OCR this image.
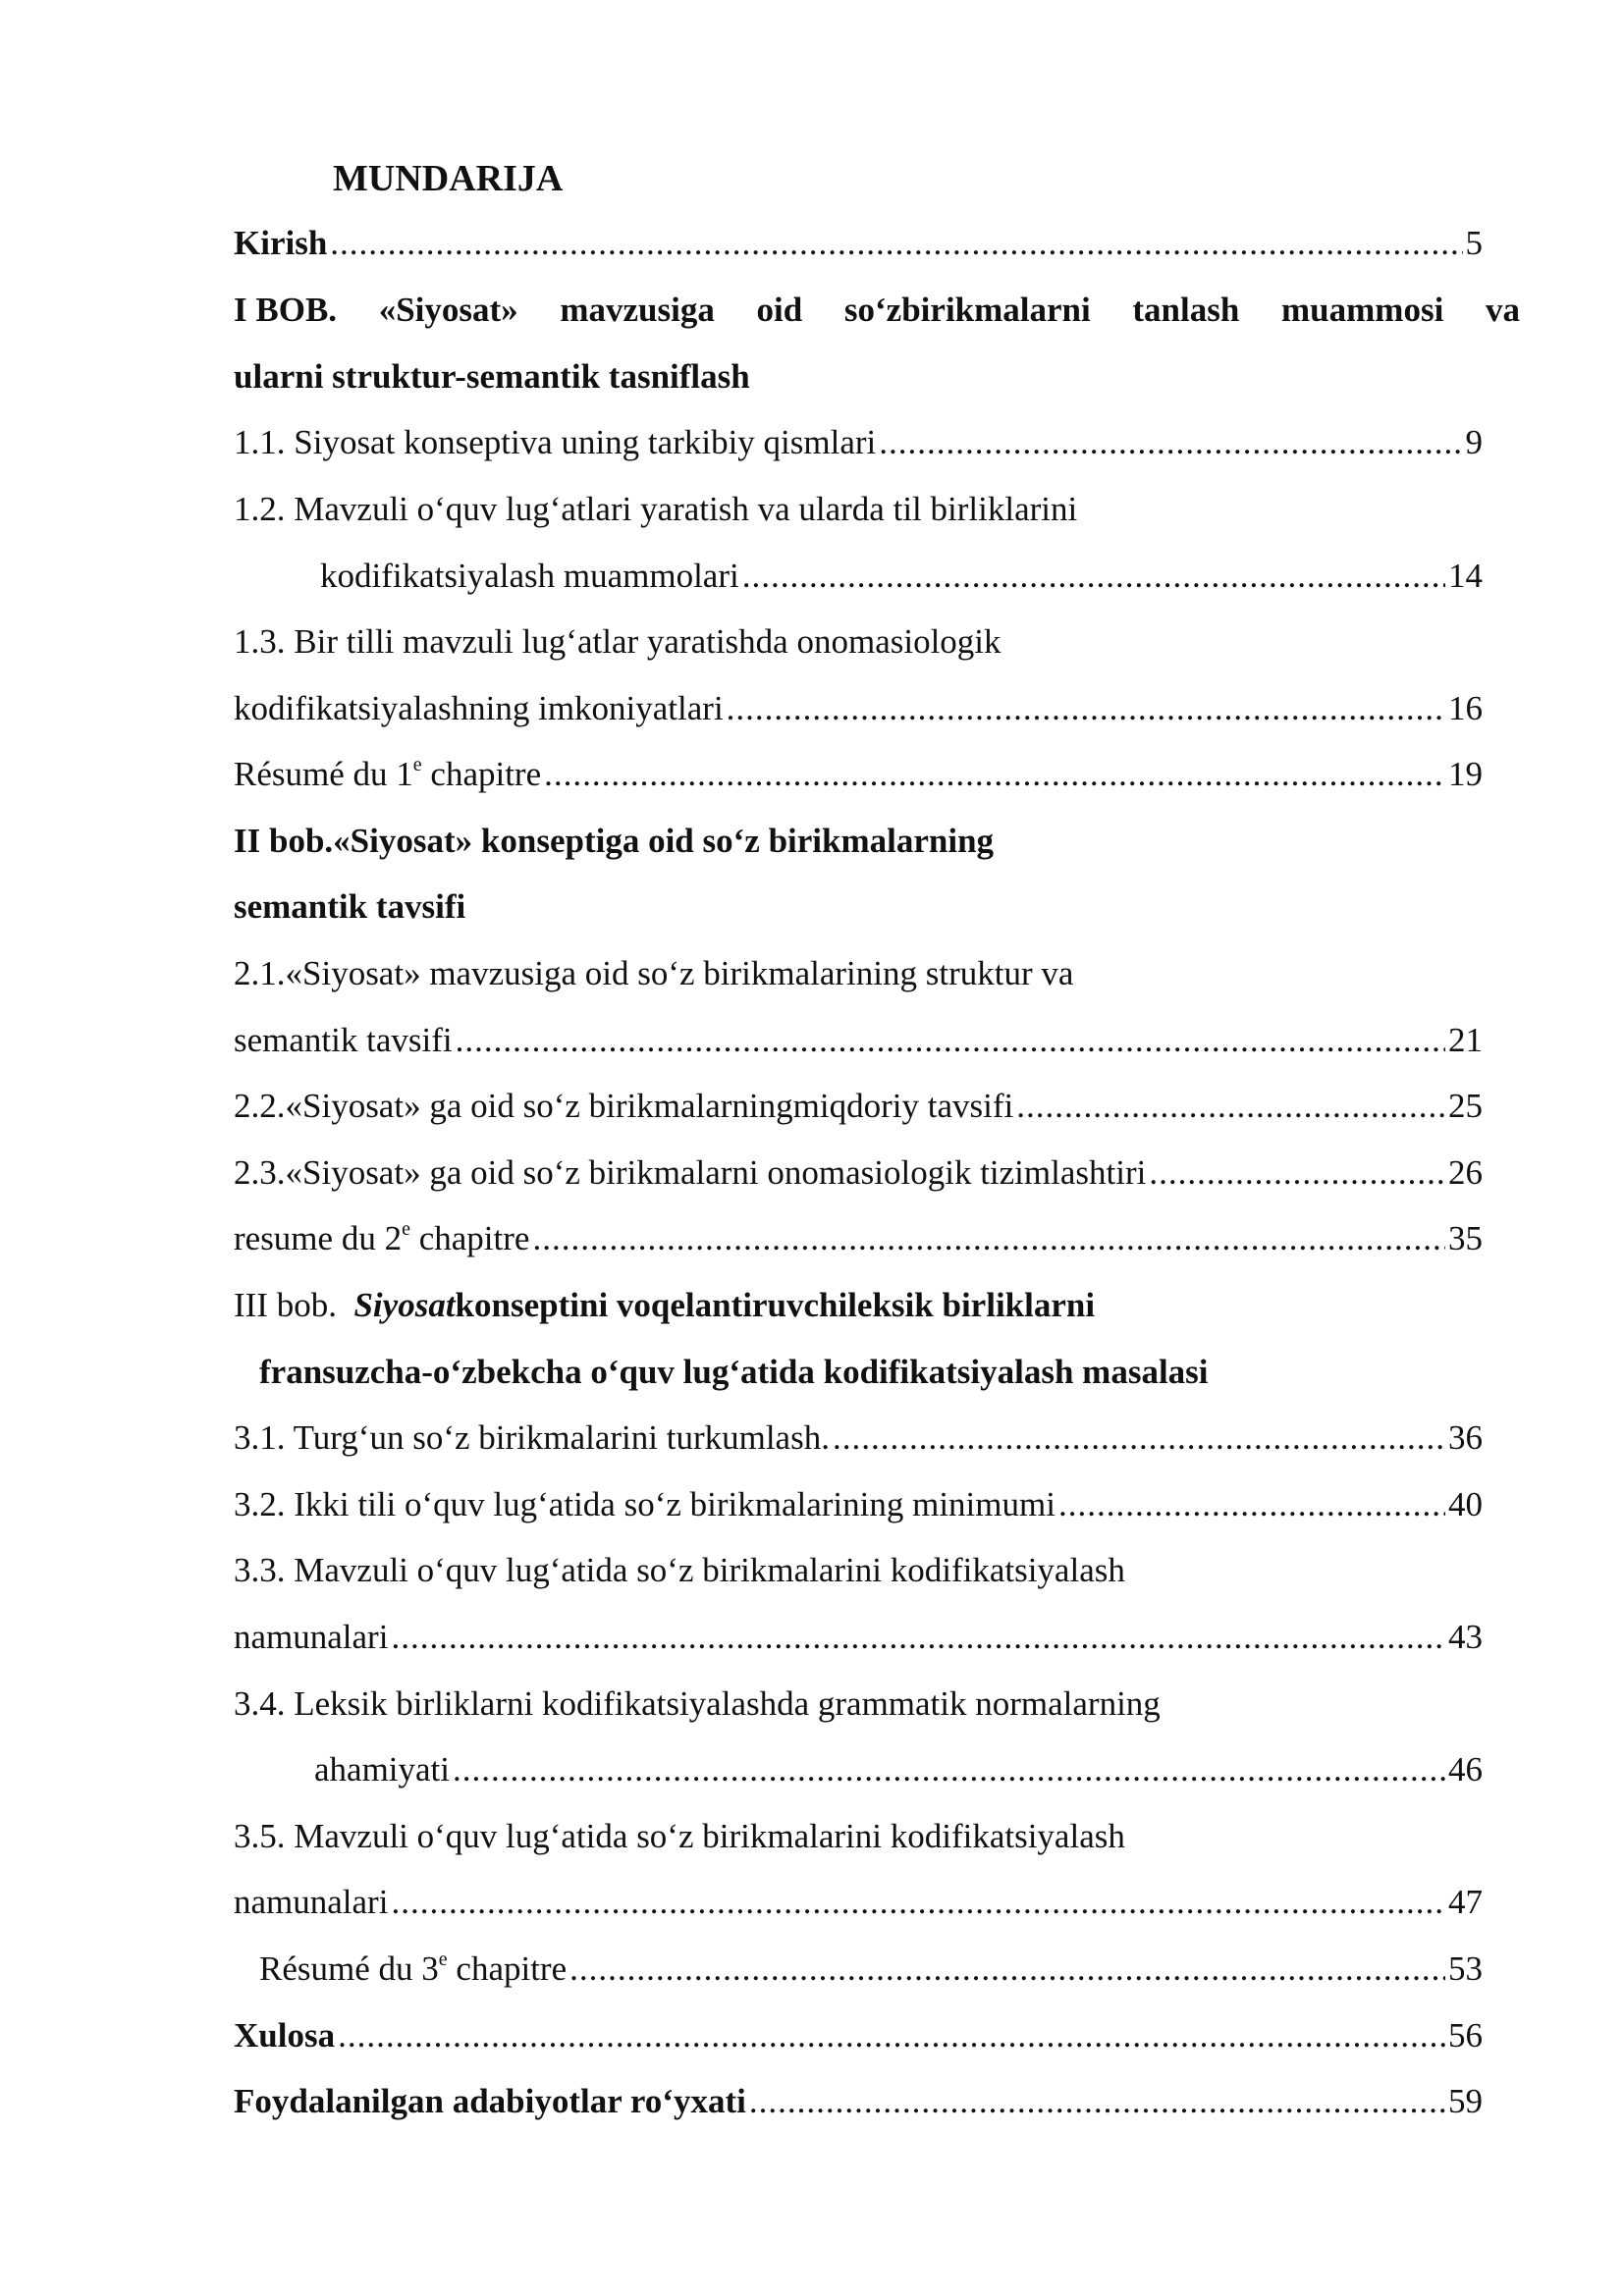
MUNDARIJA
Kirish .....	5
I BOB. «Siyosat» mavzusiga oid so‘zbirikmalarni tanlash muammosi va
ularni struktur-semantik tasniflash
1.1. Siyosat konseptiva uning tarkibiy qismlari .....	9
1.2. Mavzuli o‘quv lug‘atlari yaratish va ularda til birliklarini
kodifikatsiyalash muammolari .....	14
1.3. Bir tilli mavzuli lug‘atlar yaratishda onomasiologik
kodifikatsiyalashning imkoniyatlari .....	16
Résumé du 1e chapitre .....	19
II bob.«Siyosat» konseptiga oid so‘z birikmalarning
semantik tavsifi
2.1.«Siyosat» mavzusiga oid so‘z birikmalarining struktur va
semantik tavsifi .....	21
2.2.«Siyosat» ga oid so‘z birikmalarningmiqdoriy tavsifi .....	25
2.3.«Siyosat» ga oid so‘z birikmalarni onomasiologik tizimlashtiri .....	26
resume du 2e chapitre .....	35
III bob.  Siyosatkonseptini voqelantiruvchileksik birliklarni
fransuzcha-o‘zbekcha o‘quv lug‘atida kodifikatsiyalash masalasi
3.1. Turg‘un so‘z birikmalarini turkumlash. .....	36
3.2. Ikki tili o‘quv lug‘atida so‘z birikmalarining minimumi .....	40
3.3. Mavzuli o‘quv lug‘atida so‘z birikmalarini kodifikatsiyalash
namunalari .....	43
3.4. Leksik birliklarni kodifikatsiyalashda grammatik normalarning
ahamiyati .....	46
3.5. Mavzuli o‘quv lug‘atida so‘z birikmalarini kodifikatsiyalash
namunalari .....	47
Résumé du 3e chapitre .....	53
Xulosa .....	56
Foydalanilgan adabiyotlar ro‘yxati .....	59
